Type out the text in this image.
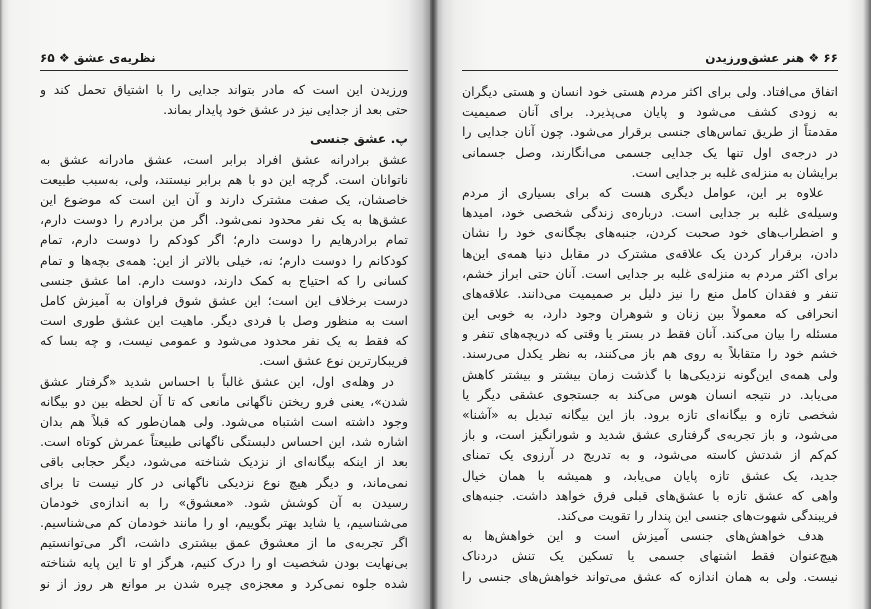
نظریه‌ی عشق ❖ ۶۵	۶۶ ❖ هنر عشق‌ورزیدن
ورزیدن این است که مادر بتواند جدایی را با اشتیاق تحمل کند و
حتی بعد از جدایی نیز در عشق خود پایدار بماند.
پ. عشق جنسی
عشق برادرانه عشق افراد برابر است، عشق مادرانه عشق به
ناتوانان است. گرچه این دو با هم برابر نیستند، ولی، به‌سبب طبیعت
خاصشان، یک صفت مشترک دارند و آن این است که موضوع این
عشق‌ها به یک نفر محدود نمی‌شود. اگر من برادرم را دوست دارم،
تمام برادرهایم را دوست دارم؛ اگر کودکم را دوست دارم، تمام
کودکانم را دوست دارم؛ نه، خیلی بالاتر از این: همه‌ی بچه‌ها و تمام
کسانی را که احتیاج به کمک دارند، دوست دارم. اما عشق جنسی
درست برخلاف این است؛ این عشق شوق فراوان به آمیزش کامل
است به منظور وصل با فردی دیگر. ماهیت این عشق طوری است
که فقط به یک نفر محدود می‌شود و عمومی نیست، و چه بسا که
فریبکارترین نوع عشق است.
در وهله‌ی اول، این عشق غالباً با احساس شدید «گرفتار عشق
شدن»، یعنی فرو ریختن ناگهانی مانعی که تا آن لحظه بین دو بیگانه
وجود داشته است اشتباه می‌شود. ولی همان‌طور که قبلاً هم بدان
اشاره شد، این احساس دلبستگی ناگهانی طبیعتاً عمرش کوتاه است.
بعد از اینکه بیگانه‌ای از نزدیک شناخته می‌شود، دیگر حجابی باقی
نمی‌ماند، و دیگر هیچ نوع نزدیکی ناگهانی در کار نیست تا برای
رسیدن به آن کوشش شود. «معشوق» را به اندازه‌ی خودمان
می‌شناسیم، یا شاید بهتر بگوییم، او را مانند خودمان کم می‌شناسیم.
اگر تجربه‌ی ما از معشوق عمق بیشتری داشت، اگر می‌توانستیم
بی‌نهایت بودن شخصیت او را درک کنیم، هرگز او تا این پایه شناخته
شده جلوه نمی‌کرد و معجزه‌ی چیره شدن بر موانع هر روز از نو
اتفاق می‌افتاد. ولی برای اکثر مردم هستی خود انسان و هستی دیگران
به زودی کشف می‌شود و پایان می‌پذیرد. برای آنان صمیمیت
مقدمتاً از طریق تماس‌های جنسی برقرار می‌شود. چون آنان جدایی را
در درجه‌ی اول تنها یک جدایی جسمی می‌انگارند، وصل جسمانی
برایشان به منزله‌ی غلبه بر جدایی است.
علاوه بر این، عوامل دیگری هست که برای بسیاری از مردم
وسیله‌ی غلبه بر جدایی است. درباره‌ی زندگی شخصی خود، امیدها
و اضطراب‌های خود صحبت کردن، جنبه‌های بچگانه‌ی خود را نشان
دادن، برقرار کردن یک علاقه‌ی مشترک در مقابل دنیا همه‌ی این‌ها
برای اکثر مردم به منزله‌ی غلبه بر جدایی است. آنان حتی ابراز خشم،
تنفر و فقدان کامل منع را نیز دلیل بر صمیمیت می‌دانند. علاقه‌های
انحرافی که معمولاً بین زنان و شوهران وجود دارد، به خوبی این
مسئله را بیان می‌کند. آنان فقط در بستر یا وقتی که دریچه‌های تنفر و
خشم خود را متقابلاً به روی هم باز می‌کنند، به نظر یکدل می‌رسند.
ولی همه‌ی این‌گونه نزدیکی‌ها با گذشت زمان بیشتر و بیشتر کاهش
می‌یابد. در نتیجه انسان هوس می‌کند به جستجوی عشقی دیگر یا
شخصی تازه و بیگانه‌ای تازه برود. باز این بیگانه تبدیل به «آشنا»
می‌شود، و باز تجربه‌ی گرفتاری عشق شدید و شورانگیز است، و باز
کم‌کم از شدتش کاسته می‌شود، و به تدریج در آرزوی یک تمنای
جدید، یک عشق تازه پایان می‌یابد، و همیشه با همان خیال
واهی که عشق تازه با عشق‌های قبلی فرق خواهد داشت. جنبه‌های
فریبندگی شهوت‌های جنسی این پندار را تقویت می‌کند.
هدف خواهش‌های جنسی آمیزش است و این خواهش‌ها به
هیچ‌عنوان فقط اشتهای جسمی یا تسکین یک تنش دردناک
نیست. ولی به همان اندازه که عشق می‌تواند خواهش‌های جنسی را
